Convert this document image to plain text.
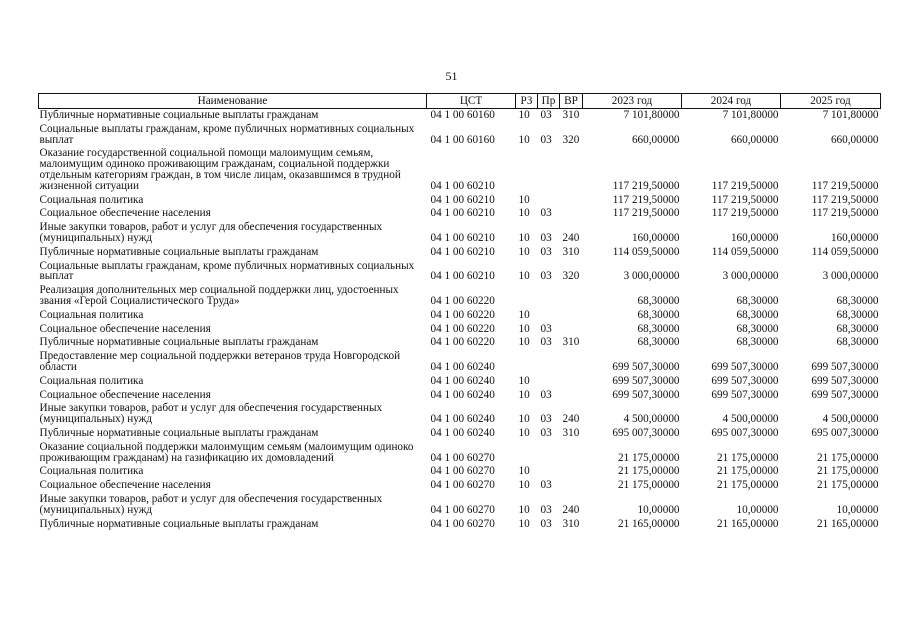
51
Наименование	ЦСТ	РЗ	Пр	ВР	2023 год	2024 год	2025 год
Публичные нормативные социальные выплаты гражданам	04 1 00 60160	10	03	310	7 101,80000	7 101,80000	7 101,80000
Социальные выплаты гражданам, кроме публичных нормативных социальных выплат	04 1 00 60160	10	03	320	660,00000	660,00000	660,00000
Оказание государственной социальной помощи малоимущим семьям, малоимущим одиноко проживающим гражданам, социальной поддержки отдельным категориям граждан, в том числе лицам, оказавшимся в трудной жизненной ситуации	04 1 00 60210				117 219,50000	117 219,50000	117 219,50000
Социальная политика	04 1 00 60210	10			117 219,50000	117 219,50000	117 219,50000
Социальное обеспечение населения	04 1 00 60210	10	03		117 219,50000	117 219,50000	117 219,50000
Иные закупки товаров, работ и услуг для обеспечения государственных (муниципальных) нужд	04 1 00 60210	10	03	240	160,00000	160,00000	160,00000
Публичные нормативные социальные выплаты гражданам	04 1 00 60210	10	03	310	114 059,50000	114 059,50000	114 059,50000
Социальные выплаты гражданам, кроме публичных нормативных социальных выплат	04 1 00 60210	10	03	320	3 000,00000	3 000,00000	3 000,00000
Реализация дополнительных мер социальной поддержки лиц, удостоенных звания «Герой Социалистического Труда»	04 1 00 60220				68,30000	68,30000	68,30000
Социальная политика	04 1 00 60220	10			68,30000	68,30000	68,30000
Социальное обеспечение населения	04 1 00 60220	10	03		68,30000	68,30000	68,30000
Публичные нормативные социальные выплаты гражданам	04 1 00 60220	10	03	310	68,30000	68,30000	68,30000
Предоставление мер социальной поддержки ветеранов труда Новгородской области	04 1 00 60240				699 507,30000	699 507,30000	699 507,30000
Социальная политика	04 1 00 60240	10			699 507,30000	699 507,30000	699 507,30000
Социальное обеспечение населения	04 1 00 60240	10	03		699 507,30000	699 507,30000	699 507,30000
Иные закупки товаров, работ и услуг для обеспечения государственных (муниципальных) нужд	04 1 00 60240	10	03	240	4 500,00000	4 500,00000	4 500,00000
Публичные нормативные социальные выплаты гражданам	04 1 00 60240	10	03	310	695 007,30000	695 007,30000	695 007,30000
Оказание социальной поддержки малоимущим семьям (малоимущим одиноко проживающим гражданам) на газификацию их домовладений	04 1 00 60270				21 175,00000	21 175,00000	21 175,00000
Социальная политика	04 1 00 60270	10			21 175,00000	21 175,00000	21 175,00000
Социальное обеспечение населения	04 1 00 60270	10	03		21 175,00000	21 175,00000	21 175,00000
Иные закупки товаров, работ и услуг для обеспечения государственных (муниципальных) нужд	04 1 00 60270	10	03	240	10,00000	10,00000	10,00000
Публичные нормативные социальные выплаты гражданам	04 1 00 60270	10	03	310	21 165,00000	21 165,00000	21 165,00000
